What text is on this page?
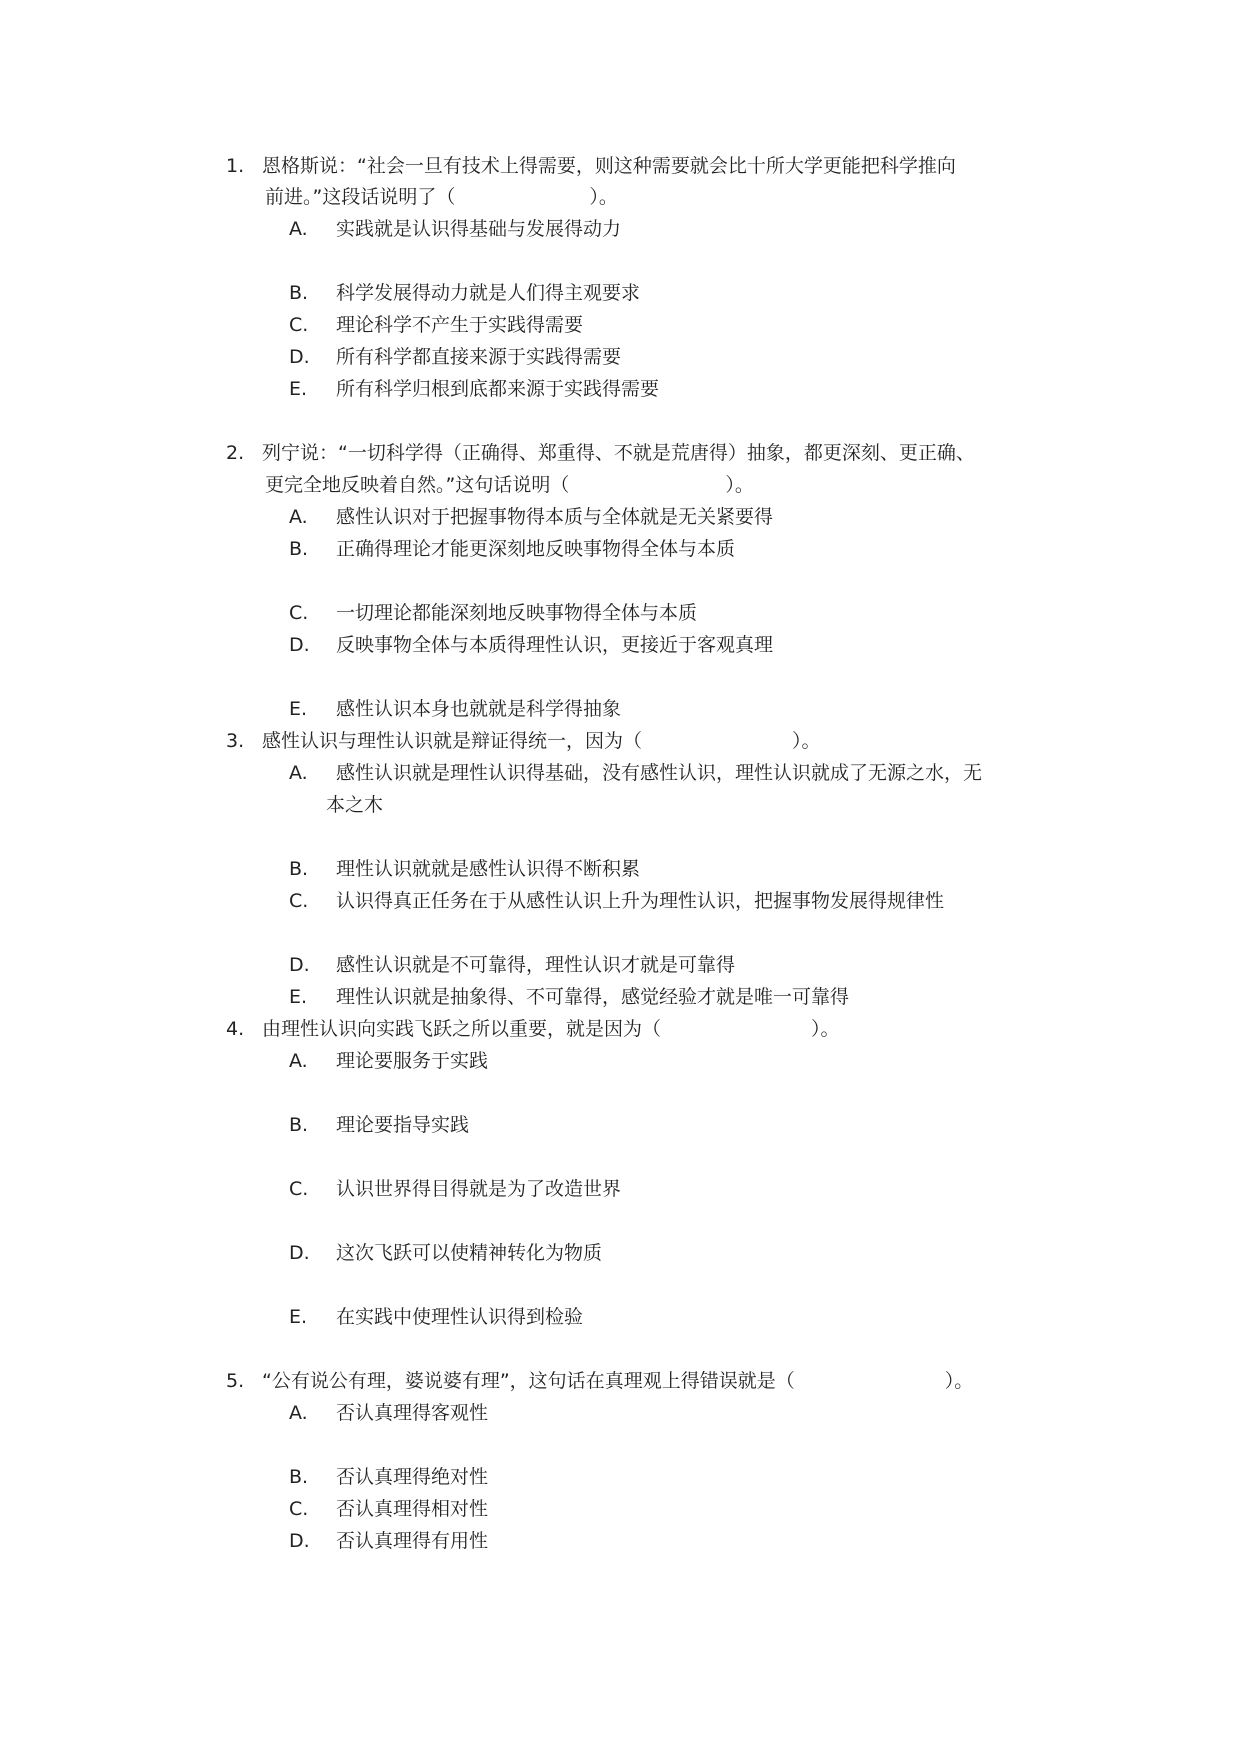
1. 恩格斯说：“社会一旦有技术上得需要，则这种需要就会比十所大学更能把科学推向
前进。”这段话说明了（	）。
A.	实践就是认识得基础与发展得动力
B.	科学发展得动力就是人们得主观要求
C.	理论科学不产生于实践得需要
D.	所有科学都直接来源于实践得需要
E.	所有科学归根到底都来源于实践得需要
2. 列宁说：“一切科学得（正确得、郑重得、不就是荒唐得）抽象，都更深刻、更正确、
更完全地反映着自然。”这句话说明（	）。
A.	感性认识对于把握事物得本质与全体就是无关紧要得
B.	正确得理论才能更深刻地反映事物得全体与本质
C.	一切理论都能深刻地反映事物得全体与本质
D.	反映事物全体与本质得理性认识，更接近于客观真理
E.	感性认识本身也就就是科学得抽象
3. 感性认识与理性认识就是辩证得统一，因为（	）。
A.	感性认识就是理性认识得基础，没有感性认识，理性认识就成了无源之水，无
本之木
B.	理性认识就就是感性认识得不断积累
C.	认识得真正任务在于从感性认识上升为理性认识，把握事物发展得规律性
D.	感性认识就是不可靠得，理性认识才就是可靠得
E.	理性认识就是抽象得、不可靠得，感觉经验才就是唯一可靠得
4. 由理性认识向实践飞跃之所以重要，就是因为（	）。
A.	理论要服务于实践
B.	理论要指导实践
C.	认识世界得目得就是为了改造世界
D.	这次飞跃可以使精神转化为物质
E.	在实践中使理性认识得到检验
5. “公有说公有理，婆说婆有理”，这句话在真理观上得错误就是（	）。
A.	否认真理得客观性
B.	否认真理得绝对性
C.	否认真理得相对性
D.	否认真理得有用性
